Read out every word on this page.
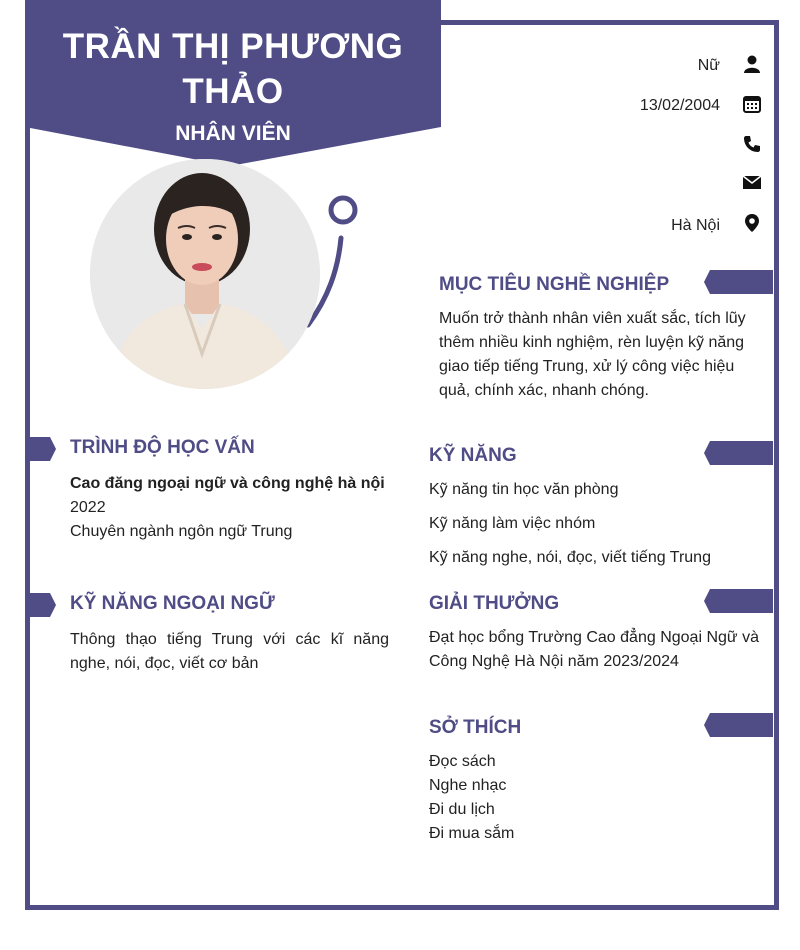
TRẦN THỊ PHƯƠNG
THẢO
NHÂN VIÊN
Nữ
13/02/2004
Hà Nội
MỤC TIÊU NGHỀ NGHIỆP
Muốn trở thành nhân viên xuất sắc, tích lũy thêm nhiều kinh nghiệm, rèn luyện kỹ năng giao tiếp tiếng Trung, xử lý công việc hiệu quả, chính xác, nhanh chóng.
TRÌNH ĐỘ HỌC VẤN
Cao đăng ngoại ngữ và công nghệ hà nội
2022
Chuyên ngành ngôn ngữ Trung
KỸ NĂNG
Kỹ năng tin học văn phòng
Kỹ năng làm việc nhóm
Kỹ năng nghe, nói, đọc, viết tiếng Trung
KỸ NĂNG NGOẠI NGỮ
Thông thạo tiếng Trung với các kĩ năng nghe, nói, đọc, viết cơ bản
GIẢI THƯỞNG
Đạt học bổng Trường Cao đẳng Ngoại Ngữ và Công Nghệ Hà Nội năm 2023/2024
SỞ THÍCH
Đọc sách
Nghe nhạc
Đi du lịch
Đi mua sắm
